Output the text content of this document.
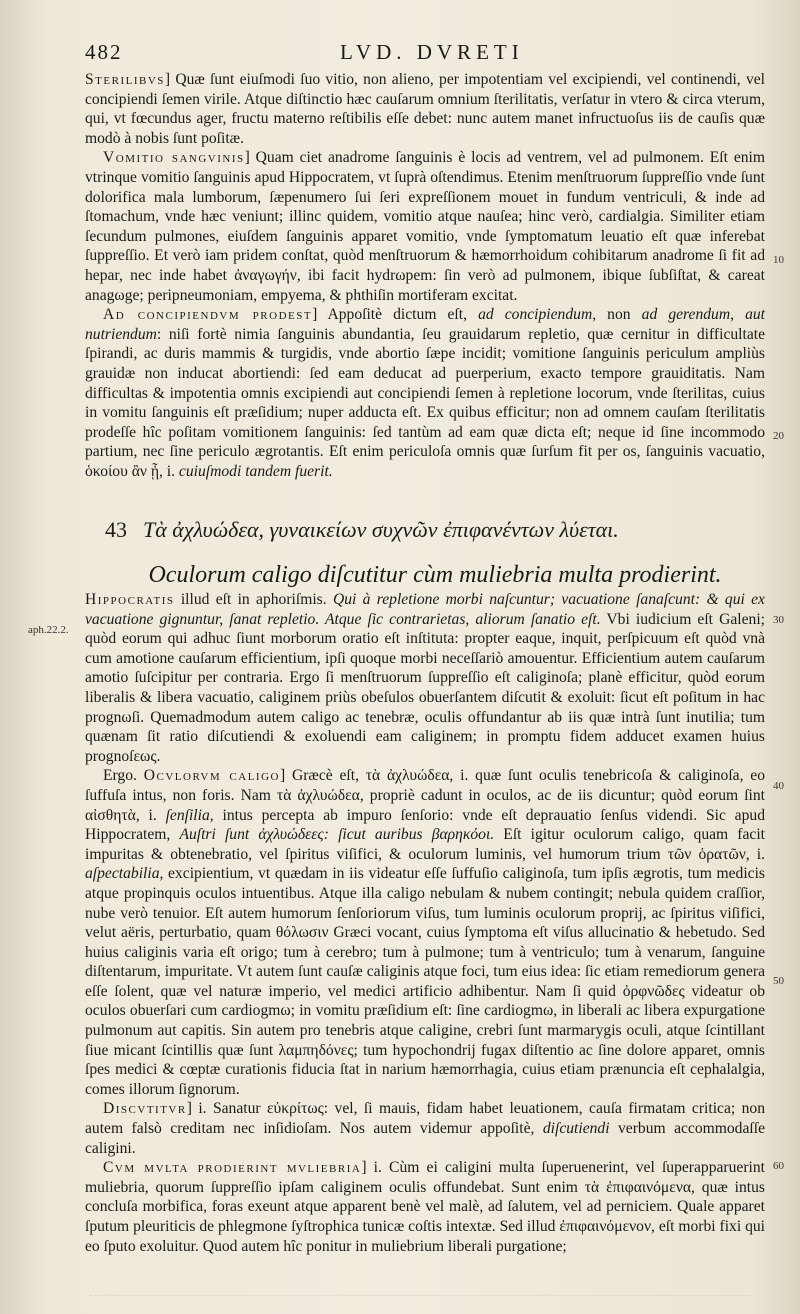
482	LVD. DVRETI

Sterilibvs] Quæ ſunt eiuſmodi ſuo vitio, non alieno, per impotentiam vel excipiendi, vel continendi, vel concipiendi ſemen virile. Atque diſtinctio hæc cauſarum omnium ſterilitatis, verſatur in vtero & circa vterum, qui, vt fœcundus ager, fructu materno reſtibilis eſſe debet: nunc autem manet infructuoſus iis de cauſis quæ modò à nobis ſunt poſitæ.

Vomitio sangvinis] Quam ciet anadrome ſanguinis è locis ad ventrem, vel ad pulmonem. Eſt enim vtrinque vomitio ſanguinis apud Hippocratem, vt ſuprà oſtendimus. Etenim menſtruorum ſuppreſſio vnde ſunt dolorifica mala lumborum, ſæpenumero ſui ſeri expreſſionem mouet in fundum ventriculi, & inde ad ſtomachum, vnde hæc veniunt; illinc quidem, vomitio atque nauſea; hinc verò, cardialgia. Similiter etiam ſecundum pulmones, eiuſdem ſanguinis apparet vomitio, vnde ſymptomatum leuatio eſt quæ inferebat ſuppreſſio. Et verò iam pridem conſtat, quòd menſtruorum & hæmorrhoidum cohibitarum anadrome ſi fit ad hepar, nec inde habet ἀναγωγήν, ibi facit hydrωpem: ſin verò ad pulmonem, ibique ſubſiſtat, & careat anagωge; peripneumoniam, empyema, & phthiſin mortiferam excitat.

Ad concipiendvm prodest] Appoſitè dictum eſt, ad concipiendum, non ad gerendum, aut nutriendum: niſi fortè nimia ſanguinis abundantia, ſeu grauidarum repletio, quæ cernitur in difficultate ſpirandi, ac duris mammis & turgidis, vnde abortio ſæpe incidit; vomitione ſanguinis periculum ampliùs grauidæ non inducat abortiendi: ſed eam deducat ad puerperium, exacto tempore grauiditatis. Nam difficultas & impotentia omnis excipiendi aut concipiendi ſemen à repletione locorum, vnde ſterilitas, cuius in vomitu ſanguinis eſt præſidium; nuper adducta eſt. Ex quibus efficitur; non ad omnem cauſam ſterilitatis prodeſſe hîc poſitam vomitionem ſanguinis: ſed tantùm ad eam quæ dicta eſt; neque id ſine incommodo partium, nec ſine periculo ægrotantis. Eſt enim periculoſa omnis quæ ſurſum fit per os, ſanguinis vacuatio, ὁκοίου ἂν ᾖ, i. cuiuſmodi tandem fuerit.

43 Τὰ ἀχλυώδεα, γυναικείων συχνῶν ἐπιφανέντων λύεται.
Oculorum caligo diſcutitur cùm muliebria multa prodierint.

Hippocratis illud eſt in aphoriſmis. Qui à repletione morbi naſcuntur; vacuatione ſanaſcunt: & qui ex vacuatione gignuntur, ſanat repletio. Atque ſic contrarietas, aliorum ſanatio eſt. Vbi iudicium eſt Galeni; quòd eorum qui adhuc ſiunt morborum oratio eſt inſtituta: propter eaque, inquit, perſpicuum eſt quòd vnà cum amotione cauſarum efficientium, ipſi quoque morbi neceſſariò amouentur. Efficientium autem cauſarum amotio ſuſcipitur per contraria. Ergo ſi menſtruorum ſuppreſſio eſt caliginoſa; planè efficitur, quòd eorum liberalis & libera vacuatio, caliginem priùs obeſulos obuerſantem diſcutit & exoluit: ſicut eſt poſitum in hac prognωſi. Quemadmodum autem caligo ac tenebræ, oculis offundantur ab iis quæ intrà ſunt inutilia; tum quænam ſit ratio diſcutiendi & exoluendi eam caliginem; in promptu fidem adducet examen huius prognoſεως.

Ergo. Ocvlorvm caligo] Græcè eſt, τὰ ἀχλυώδεα, i. quæ ſunt oculis tenebricoſa & caliginoſa, eo ſuffuſa intus, non foris. Nam τὰ ἀχλυώδεα, propriè cadunt in oculos, ac de iis dicuntur; quòd eorum ſint αἰσθητὰ, i. ſenſilia, intus percepta ab impuro ſenſorio: vnde eſt deprauatio ſenſus videndi. Sic apud Hippocratem, Auſtri ſunt ἀχλυώδεες: ſicut auribus βαρηκόοι. Eſt igitur oculorum caligo, quam facit impuritas & obtenebratio, vel ſpiritus viſifici, & oculorum luminis, vel humorum trium τῶν ὁρατῶν, i. aſpectabilia, excipientium, vt quædam in iis videatur eſſe ſuffuſio caliginoſa, tum ipſis ægrotis, tum medicis atque propinquis oculos intuentibus. Atque illa caligo nebulam & nubem contingit; nebula quidem craſſior, nube verò tenuior. Eſt autem humorum ſenſoriorum viſus, tum luminis oculorum proprij, ac ſpiritus viſifici, velut aëris, perturbatio, quam θόλωσιν Græci vocant, cuius ſymptoma eſt viſus allucinatio & hebetudo. Sed huius caliginis varia eſt origo; tum à cerebro; tum à pulmone; tum à ventriculo; tum à venarum, ſanguine diſtentarum, impuritate. Vt autem ſunt cauſæ caliginis atque foci, tum eius idea: ſic etiam remediorum genera eſſe ſolent, quæ vel naturæ imperio, vel medici artificio adhibentur. Nam ſi quid ὀρφνῶδες videatur ob oculos obuerſari cum cardiogmω; in vomitu præſidium eſt: ſine cardiogmω, in liberali ac libera expurgatione pulmonum aut capitis. Sin autem pro tenebris atque caligine, crebri ſunt marmarygis oculi, atque ſcintillant ſiue micant ſcintillis quæ ſunt λαμπηδόνες; tum hypochondrij fugax diſtentio ac ſine dolore apparet, omnis ſpes medici & cœptæ curationis fiducia ſtat in narium hæmorrhagia, cuius etiam prænuncia eſt cephalalgia, comes illorum ſignorum.

Discvtitvr] i. Sanatur εὐκρίτως: vel, ſi mauis, fidam habet leuationem, cauſa firmatam critica; non autem falsò creditam nec inſidioſam. Nos autem videmur appoſitè, diſcutiendi verbum accommodaſſe caligini.

Cvm mvlta prodierint mvliebria] i. Cùm ei caligini multa ſuperuenerint, vel ſuperapparuerint muliebria, quorum ſuppreſſio ipſam caliginem oculis offundebat. Sunt enim τὰ ἐπιφαινόμενα, quæ intus concluſa morbifica, foras exeunt atque apparent benè vel malè, ad ſalutem, vel ad perniciem. Quale apparet ſputum pleuriticis de phlegmone ſyſtrophica tunicæ coſtis intextæ. Sed illud ἐπιφαινόμενον, eſt morbi fixi qui eo ſputo exoluitur. Quod autem hîc ponitur in muliebrium liberali purgatione;

aph.22.2.
10
20
30
40
50
60
